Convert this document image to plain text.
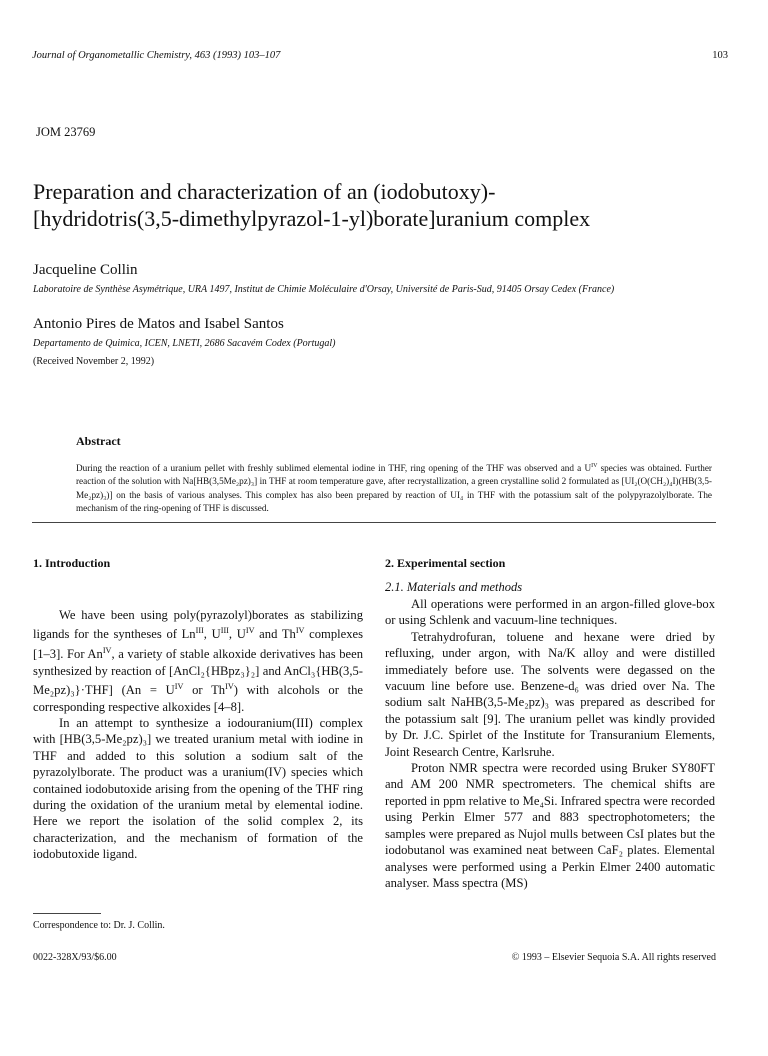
Journal of Organometallic Chemistry, 463 (1993) 103–107	103
JOM 23769
Preparation and characterization of an (iodobutoxy)-
[hydridotris(3,5-dimethylpyrazol-1-yl)borate]uranium complex
Jacqueline Collin
Laboratoire de Synthèse Asymétrique, URA 1497, Institut de Chimie Moléculaire d'Orsay, Université de Paris-Sud, 91405 Orsay Cedex (France)
Antonio Pires de Matos and Isabel Santos
Departamento de Quimica, ICEN, LNETI, 2686 Sacavém Codex (Portugal)
(Received November 2, 1992)
Abstract
During the reaction of a uranium pellet with freshly sublimed elemental iodine in THF, ring opening of the THF was observed and a $U^{IV}$ species was obtained. Further reaction of the solution with Na[HB(3,5Me₂pz)₃] in THF at room temperature gave, after recrystallization, a green crystalline solid 2 formulated as [UI₂(O(CH₂)₄I)(HB(3,5-Me₂pz)₃)] on the basis of various analyses. This complex has also been prepared by reaction of UI₄ in THF with the potassium salt of the polypyrazolylborate. The mechanism of the ring-opening of THF is discussed.
1. Introduction

We have been using poly(pyrazolyl)borates as stabilizing ligands for the syntheses of $Ln^{III}$, $U^{III}$, $U^{IV}$ and $Th^{IV}$ complexes [1–3]. For $An^{IV}$, a variety of stable alkoxide derivatives has been synthesized by reaction of [AnCl₂{HBpz₃}₂] and AnCl₃{HB(3,5-Me₂pz)₃}·THF] ($An = U^{IV}$ or $Th^{IV}$) with alcohols or the corresponding respective alkoxides [4–8].

In an attempt to synthesize a iodouranium(III) complex with [HB(3,5-Me₂pz)₃] we treated uranium metal with iodine in THF and added to this solution a sodium salt of the pyrazolylborate. The product was a uranium(IV) species which contained iodobutoxide arising from the opening of the THF ring during the oxidation of the uranium metal by elemental iodine. Here we report the isolation of the solid complex 2, its characterization, and the mechanism of formation of the iodobutoxide ligand.

2. Experimental section
2.1. Materials and methods

All operations were performed in an argon-filled glove-box or using Schlenk and vacuum-line techniques.

Tetrahydrofuran, toluene and hexane were dried by refluxing, under argon, with Na/K alloy and were distilled immediately before use. The solvents were degassed on the vacuum line before use. Benzene-d₆ was dried over Na. The sodium salt NaHB(3,5-Me₂pz)₃ was prepared as described for the potassium salt [9]. The uranium pellet was kindly provided by Dr. J.C. Spirlet of the Institute for Transuranium Elements, Joint Research Centre, Karlsruhe.

Proton NMR spectra were recorded using Bruker SY80FT and AM 200 NMR spectrometers. The chemical shifts are reported in ppm relative to Me₄Si. Infrared spectra were recorded using Perkin Elmer 577 and 883 spectrophotometers; the samples were prepared as Nujol mulls between CsI plates but the iodobutanol was examined neat between CaF₂ plates. Elemental analyses were performed using a Perkin Elmer 2400 automatic analyser. Mass spectra (MS)

Correspondence to: Dr. J. Collin.
0022-328X/93/$6.00	© 1993 – Elsevier Sequoia S.A. All rights reserved
